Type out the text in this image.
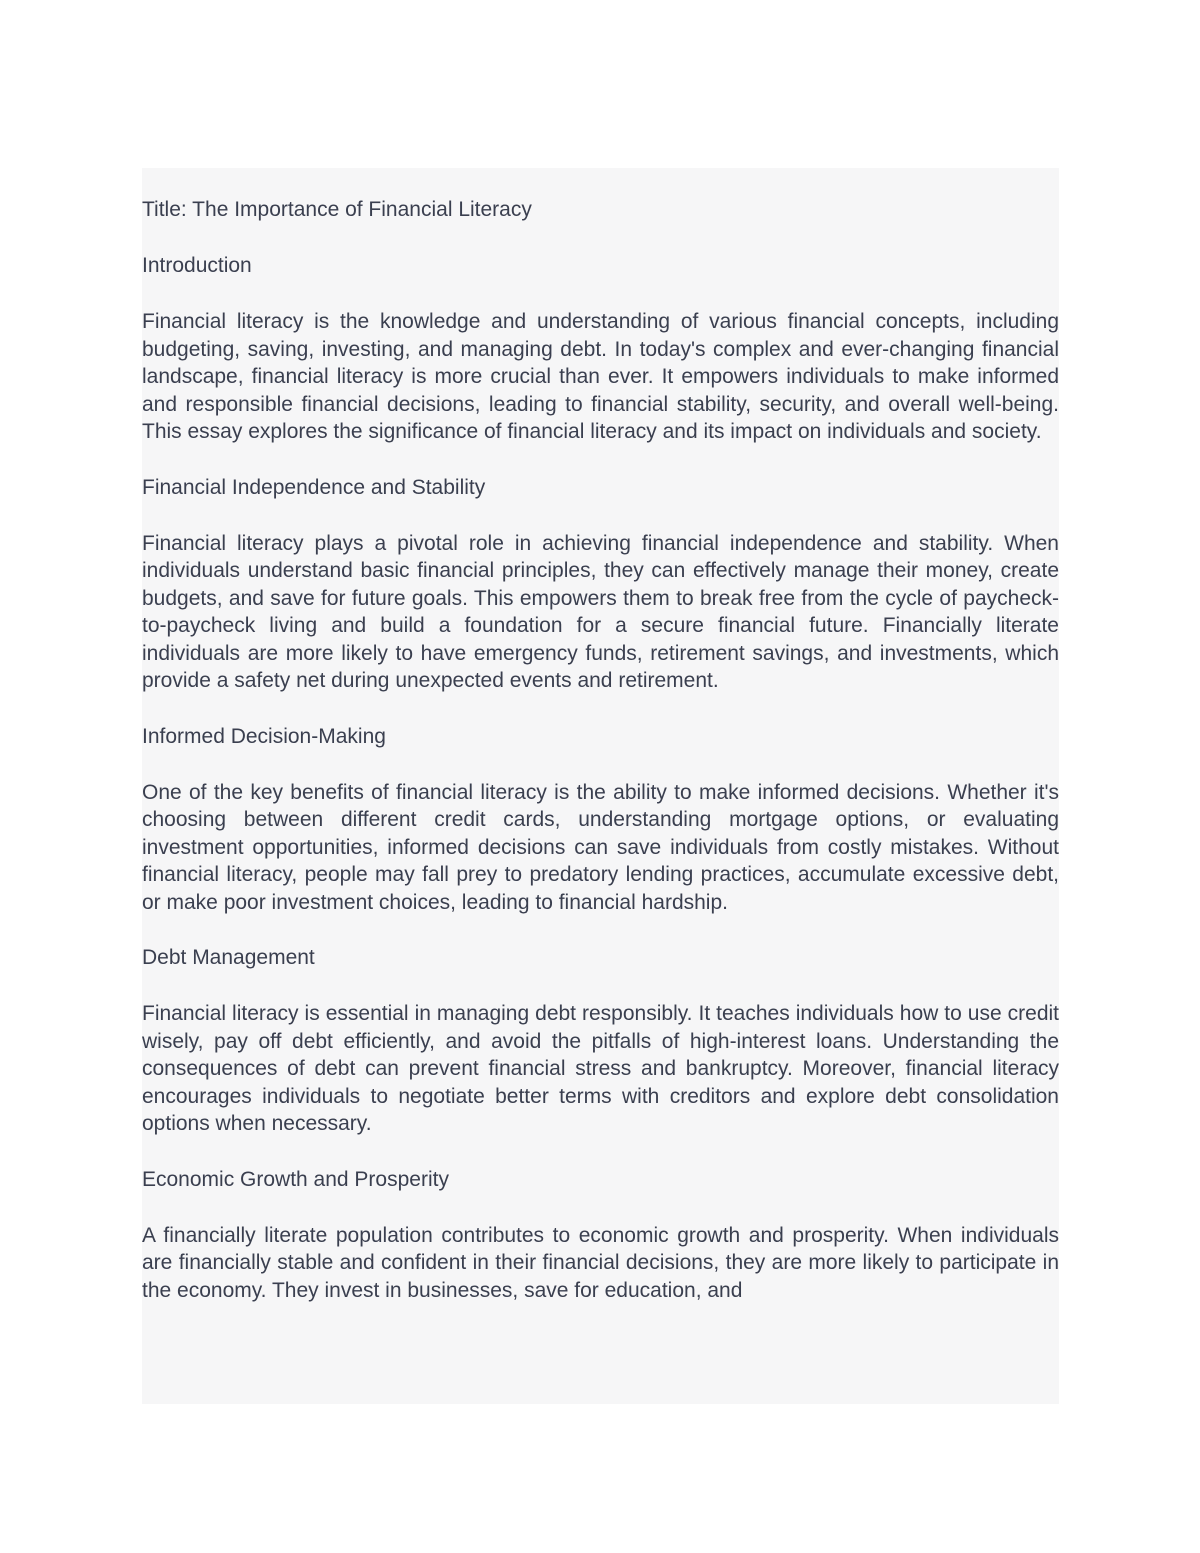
Title: The Importance of Financial Literacy
Introduction

Financial literacy is the knowledge and understanding of various financial concepts, including budgeting, saving, investing, and managing debt. In today's complex and ever-changing financial landscape, financial literacy is more crucial than ever. It empowers individuals to make informed and responsible financial decisions, leading to financial stability, security, and overall well-being. This essay explores the significance of financial literacy and its impact on individuals and society.

Financial Independence and Stability

Financial literacy plays a pivotal role in achieving financial independence and stability. When individuals understand basic financial principles, they can effectively manage their money, create budgets, and save for future goals. This empowers them to break free from the cycle of paycheck-to-paycheck living and build a foundation for a secure financial future. Financially literate individuals are more likely to have emergency funds, retirement savings, and investments, which provide a safety net during unexpected events and retirement.

Informed Decision-Making

One of the key benefits of financial literacy is the ability to make informed decisions. Whether it's choosing between different credit cards, understanding mortgage options, or evaluating investment opportunities, informed decisions can save individuals from costly mistakes. Without financial literacy, people may fall prey to predatory lending practices, accumulate excessive debt, or make poor investment choices, leading to financial hardship.

Debt Management

Financial literacy is essential in managing debt responsibly. It teaches individuals how to use credit wisely, pay off debt efficiently, and avoid the pitfalls of high-interest loans. Understanding the consequences of debt can prevent financial stress and bankruptcy. Moreover, financial literacy encourages individuals to negotiate better terms with creditors and explore debt consolidation options when necessary.

Economic Growth and Prosperity

A financially literate population contributes to economic growth and prosperity. When individuals are financially stable and confident in their financial decisions, they are more likely to participate in the economy. They invest in businesses, save for education, and
